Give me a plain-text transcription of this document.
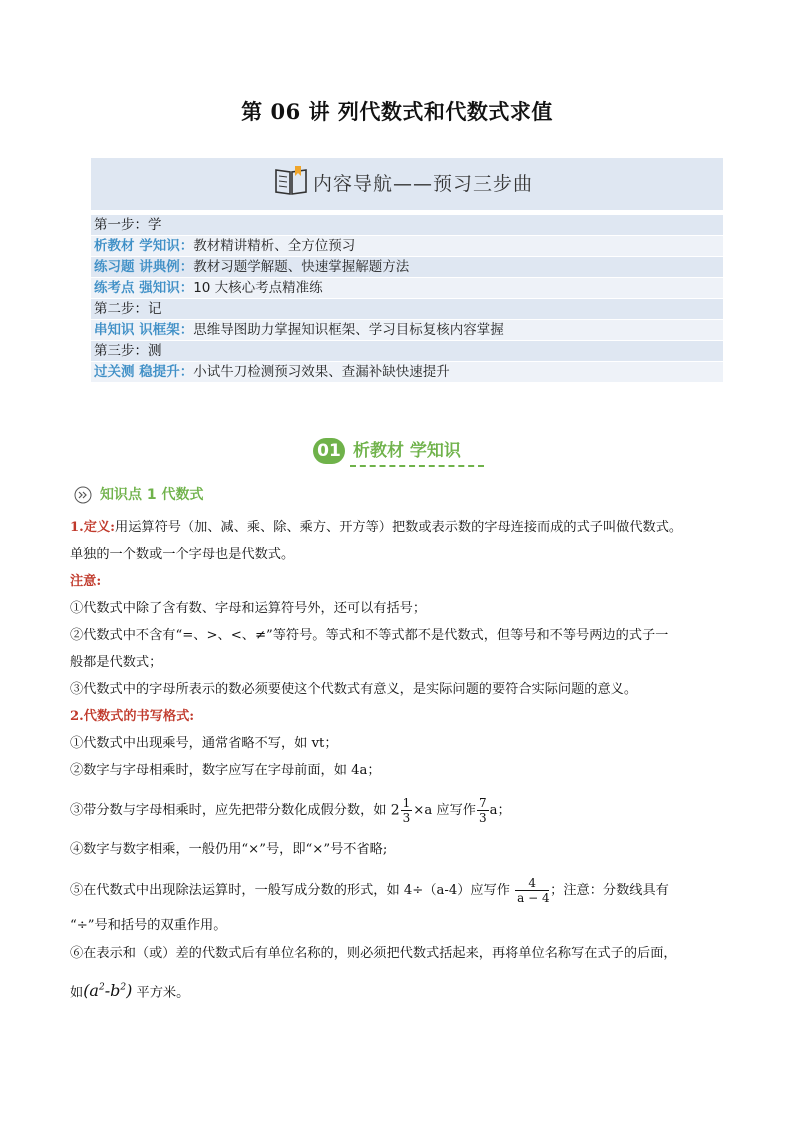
第 06 讲 列代数式和代数式求值
内容导航——预习三步曲
第一步：学
析教材 学知识：教材精讲精析、全方位预习
练习题 讲典例：教材习题学解题、快速掌握解题方法
练考点 强知识：10 大核心考点精准练
第二步：记
串知识 识框架：思维导图助力掌握知识框架、学习目标复核内容掌握
第三步：测
过关测 稳提升：小试牛刀检测预习效果、查漏补缺快速提升
01 析教材 学知识
知识点 1 代数式
1.定义:用运算符号（加、减、乘、除、乘方、开方等）把数或表示数的字母连接而成的式子叫做代数式。
单独的一个数或一个字母也是代数式。
注意:
①代数式中除了含有数、字母和运算符号外，还可以有括号；
②代数式中不含有“=、>、<、≠”等符号。等式和不等式都不是代数式，但等号和不等号两边的式子一
般都是代数式；
③代数式中的字母所表示的数必须要使这个代数式有意义，是实际问题的要符合实际问题的意义。
2.代数式的书写格式:
①代数式中出现乘号，通常省略不写，如 vt；
②数字与字母相乘时，数字应写在字母前面，如 4a；
③带分数与字母相乘时，应先把带分数化成假分数，如 $2 \frac{1}{3} \times a$ 应写作 $\frac{7}{3}$ a；
④数字与数字相乘，一般仍用“×”号，即“×”号不省略;
⑤在代数式中出现除法运算时，一般写成分数的形式，如 4÷（a-4）应写作 $\frac{4}{a - 4}$ ；注意：分数线具有
“÷”号和括号的双重作用。
⑥在表示和（或）差的代数式后有单位名称的，则必须把代数式括起来，再将单位名称写在式子的后面，
如$(a^2-b^2)$ 平方米。
